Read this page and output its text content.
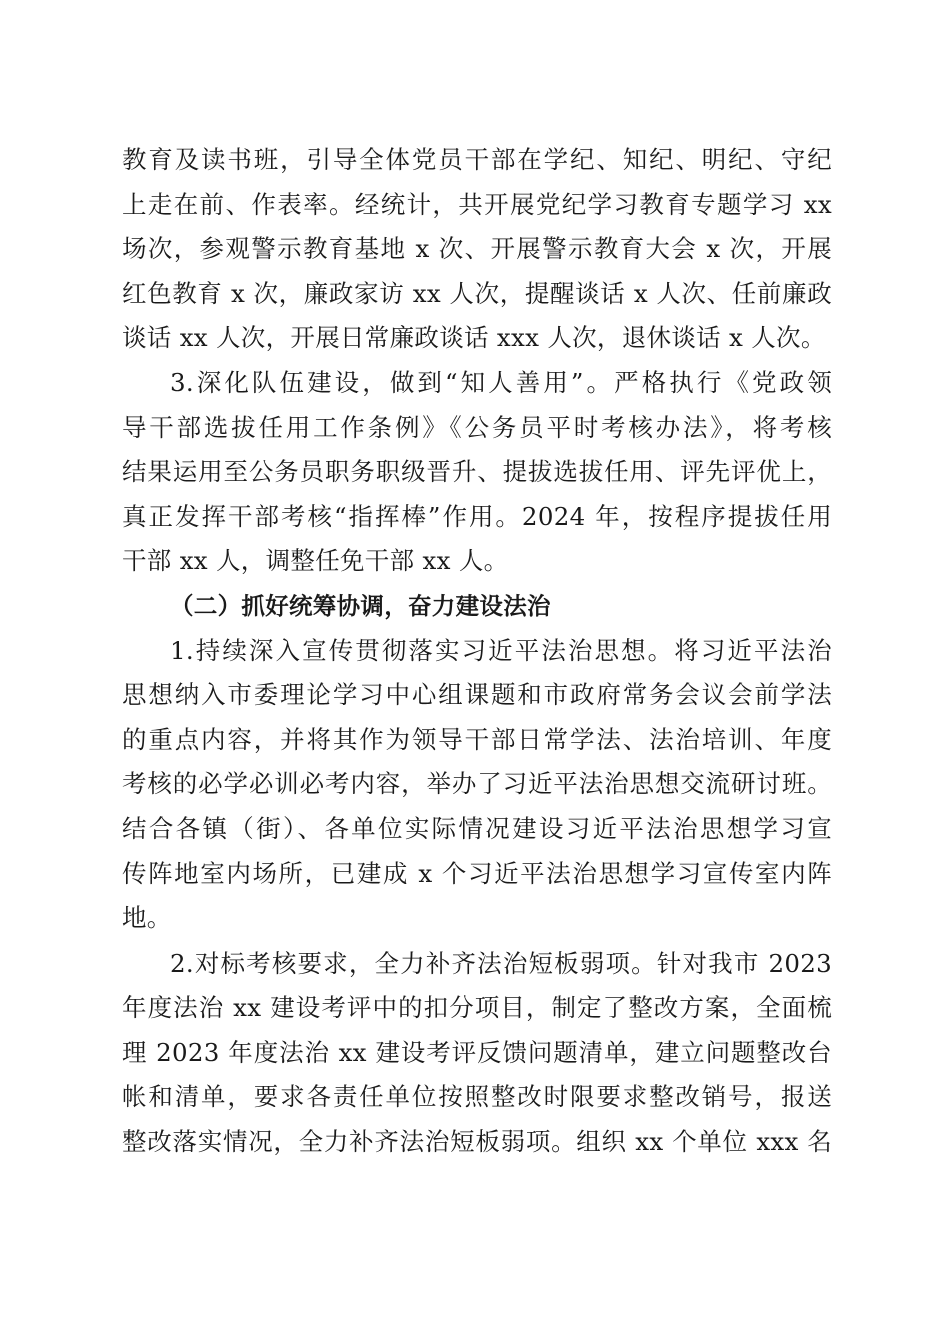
教育及读书班，引导全体党员干部在学纪、知纪、明纪、守纪
上走在前、作表率。经统计，共开展党纪学习教育专题学习 xx
场次，参观警示教育基地 x 次、开展警示教育大会 x 次，开展
红色教育 x 次，廉政家访 xx 人次，提醒谈话 x 人次、任前廉政
谈话 xx 人次，开展日常廉政谈话 xxx 人次，退休谈话 x 人次。
3.深化队伍建设，做到“知人善用”。严格执行《党政领
导干部选拔任用工作条例》《公务员平时考核办法》，将考核
结果运用至公务员职务职级晋升、提拔选拔任用、评先评优上，
真正发挥干部考核“指挥棒”作用。2024 年，按程序提拔任用
干部 xx 人，调整任免干部 xx 人。
（二）抓好统筹协调，奋力建设法治
1.持续深入宣传贯彻落实习近平法治思想。将习近平法治
思想纳入市委理论学习中心组课题和市政府常务会议会前学法
的重点内容，并将其作为领导干部日常学法、法治培训、年度
考核的必学必训必考内容，举办了习近平法治思想交流研讨班。
结合各镇（街）、各单位实际情况建设习近平法治思想学习宣
传阵地室内场所，已建成 x 个习近平法治思想学习宣传室内阵
地。
2.对标考核要求，全力补齐法治短板弱项。针对我市 2023
年度法治 xx 建设考评中的扣分项目，制定了整改方案，全面梳
理 2023 年度法治 xx 建设考评反馈问题清单，建立问题整改台
帐和清单，要求各责任单位按照整改时限要求整改销号，报送
整改落实情况，全力补齐法治短板弱项。组织 xx 个单位 xxx 名
